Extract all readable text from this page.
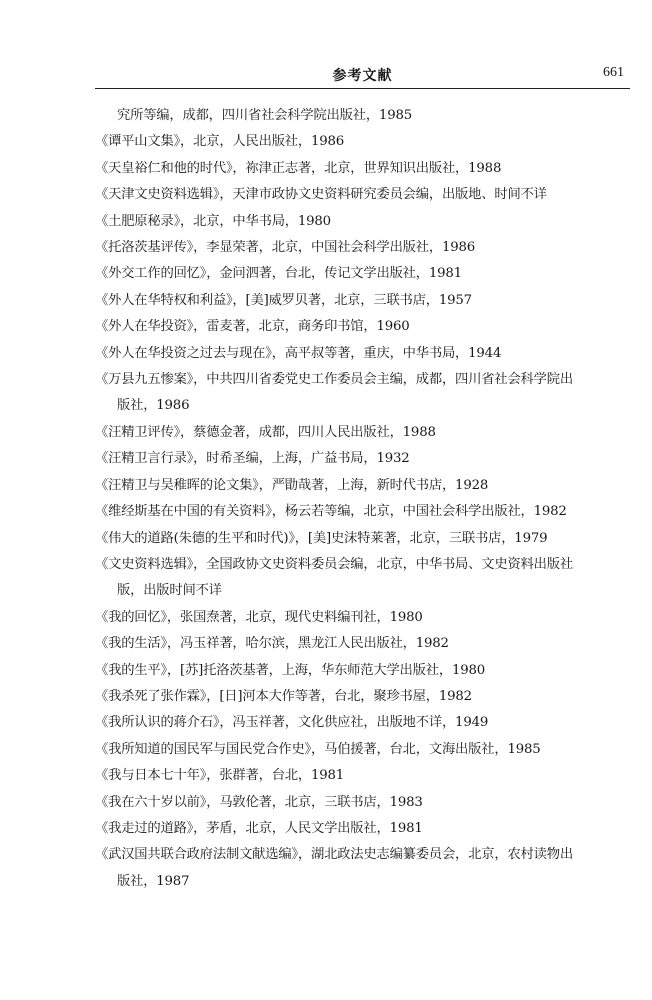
参考文献	661
究所等编，成都，四川省社会科学院出版社，1985
《谭平山文集》，北京，人民出版社，1986
《天皇裕仁和他的时代》，祢津正志著，北京，世界知识出版社，1988
《天津文史资料选辑》，天津市政协文史资料研究委员会编，出版地、时间不详
《土肥原秘录》，北京，中华书局，1980
《托洛茨基评传》，李显荣著，北京，中国社会科学出版社，1986
《外交工作的回忆》，金问泗著，台北，传记文学出版社，1981
《外人在华特权和利益》，[美]威罗贝著，北京，三联书店，1957
《外人在华投资》，雷麦著，北京，商务印书馆，1960
《外人在华投资之过去与现在》，高平叔等著，重庆，中华书局，1944
《万县九五惨案》，中共四川省委党史工作委员会主编，成都，四川省社会科学院出
版社，1986
《汪精卫评传》，蔡德金著，成都，四川人民出版社，1988
《汪精卫言行录》，时希圣编，上海，广益书局，1932
《汪精卫与吴稚晖的论文集》，严勖哉著，上海，新时代书店，1928
《维经斯基在中国的有关资料》，杨云若等编，北京，中国社会科学出版社，1982
《伟大的道路(朱德的生平和时代)》，[美]史沫特莱著，北京，三联书店，1979
《文史资料选辑》，全国政协文史资料委员会编，北京，中华书局、文史资料出版社
版，出版时间不详
《我的回忆》，张国焘著，北京，现代史料编刊社，1980
《我的生活》，冯玉祥著，哈尔滨，黑龙江人民出版社，1982
《我的生平》，[苏]托洛茨基著，上海，华东师范大学出版社，1980
《我杀死了张作霖》，[日]河本大作等著，台北，聚珍书屋，1982
《我所认识的蒋介石》，冯玉祥著，文化供应社，出版地不详，1949
《我所知道的国民军与国民党合作史》，马伯援著，台北，文海出版社，1985
《我与日本七十年》，张群著，台北，1981
《我在六十岁以前》，马敦伦著，北京，三联书店，1983
《我走过的道路》，茅盾，北京，人民文学出版社，1981
《武汉国共联合政府法制文献选编》，湖北政法史志编纂委员会，北京，农村读物出
版社，1987
